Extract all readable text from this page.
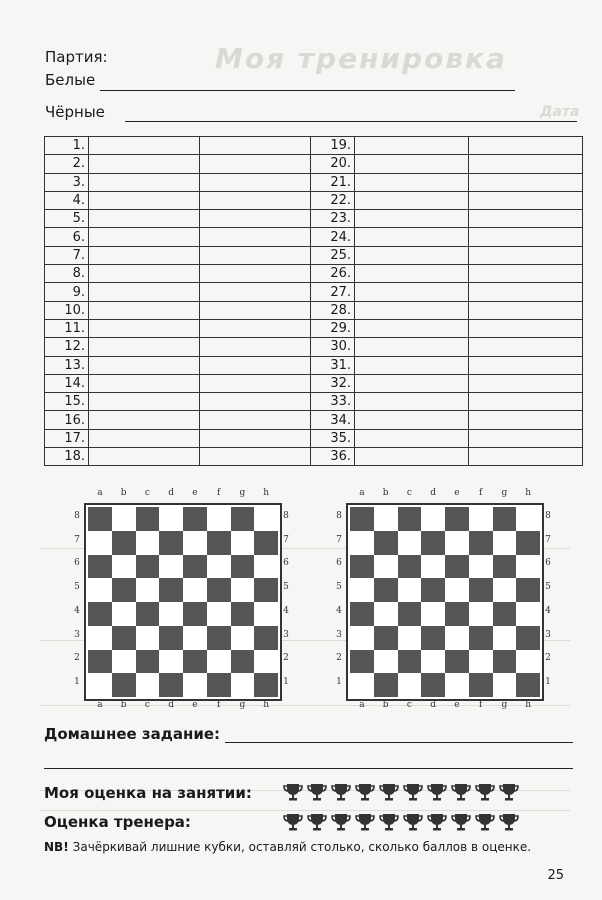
Моя тренировка
Дата
Партия:
Белые
Чёрные
1.			19.		
2.			20.		
3.			21.		
4.			22.		
5.			23.		
6.			24.		
7.			25.		
8.			26.		
9.			27.		
10.			28.		
11.			29.		
12.			30.		
13.			31.		
14.			32.		
15.			33.		
16.			34.		
17.			35.		
18.			36.		
a
a
8	8
b
b
7	7
c
c
6	6
d
d
5	5
e
e
4	4
f
f
3	3
g
g
2	2
h
h
1	1
a
a
8	8
b
b
7	7
c
c
6	6
d
d
5	5
e
e
4	4
f
f
3	3
g
g
2	2
h
h
1	1
Домашнее задание:
Моя оценка на занятии:
Оценка тренера:
NB! Зачёркивай лишние кубки, оставляй столько, сколько баллов в оценке.
25
